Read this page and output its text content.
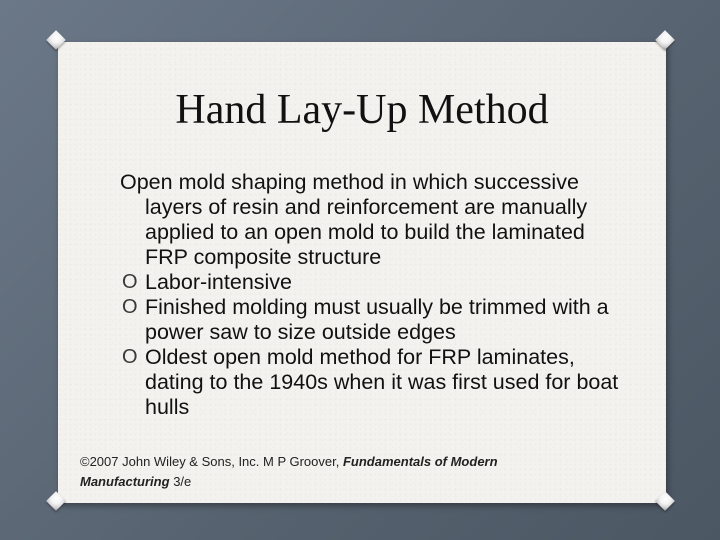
Hand Lay-Up Method

Open mold shaping method in which successive layers of resin and reinforcement are manually applied to an open mold to build the laminated FRP composite structure

O Labor-intensive
O Finished molding must usually be trimmed with a power saw to size outside edges
O Oldest open mold method for FRP laminates, dating to the 1940s when it was first used for boat hulls
©2007 John Wiley & Sons, Inc. M P Groover, Fundamentals of Modern Manufacturing 3/e
